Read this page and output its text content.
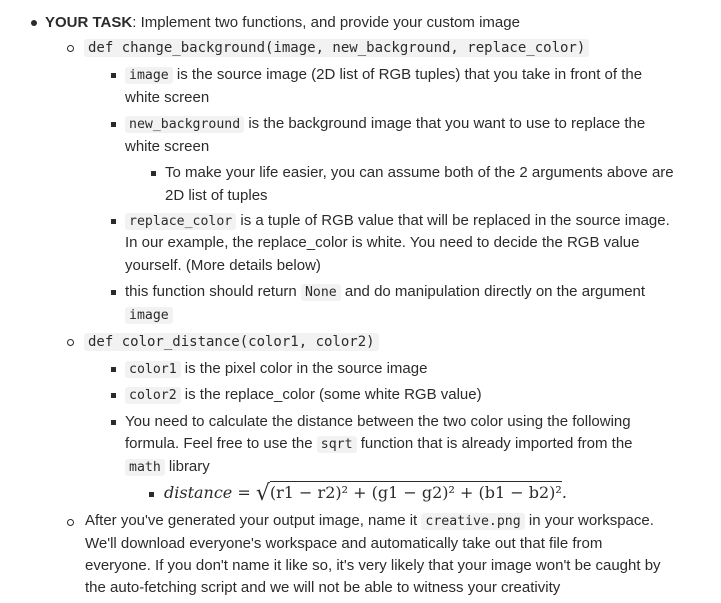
YOUR TASK: Implement two functions, and provide your custom image
def change_background(image, new_background, replace_color)
image is the source image (2D list of RGB tuples) that you take in front of the
white screen
new_background is the background image that you want to use to replace the
white screen
To make your life easier, you can assume both of the 2 arguments above are
2D list of tuples
replace_color is a tuple of RGB value that will be replaced in the source image.
In our example, the replace_color is white. You need to decide the RGB value
yourself. (More details below)
this function should return None and do manipulation directly on the argument
image
def color_distance(color1, color2)
color1 is the pixel color in the source image
color2 is the replace_color (some white RGB value)
You need to calculate the distance between the two color using the following
formula. Feel free to use the sqrt function that is already imported from the
math library
distance = √(r1 − r2)² + (g1 − g2)² + (b1 − b2)².
After you've generated your output image, name it creative.png in your workspace.
We'll download everyone's workspace and automatically take out that file from
everyone. If you don't name it like so, it's very likely that your image won't be caught by
the auto-fetching script and we will not be able to witness your creativity
